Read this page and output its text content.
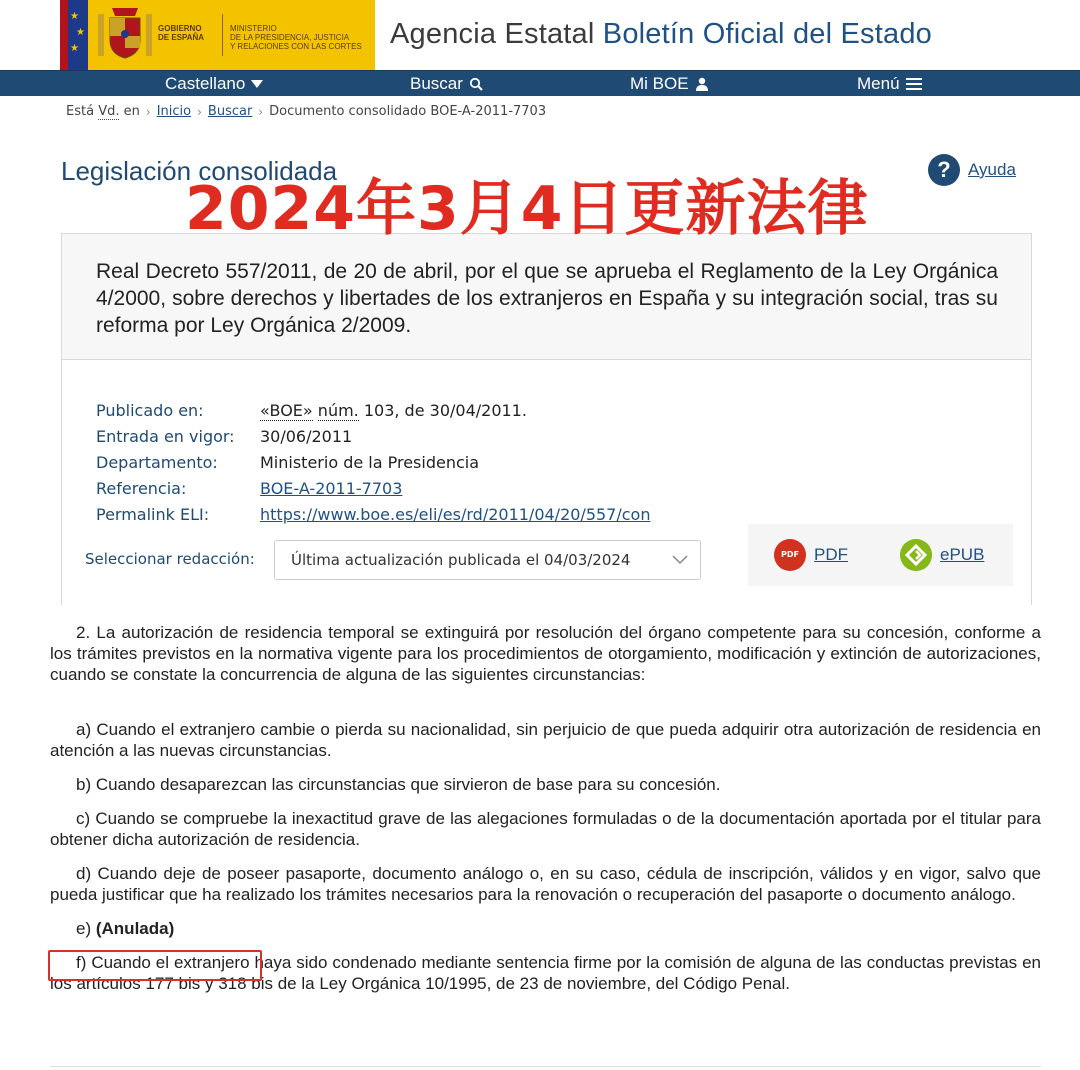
★
★
★
GOBIERNO
DE ESPAÑA
MINISTERIO
DE LA PRESIDENCIA, JUSTICIA
Y RELACIONES CON LAS CORTES Agencia Estatal Boletín Oficial del Estado
Castellano	Buscar	Mi BOE	Menú
Está Vd. en › Inicio › Buscar › Documento consolidado BOE-A-2011-7703
Legislación consolidada	?	Ayuda
2024年3月4日更新法律
Real Decreto 557/2011, de 20 de abril, por el que se aprueba el Reglamento de la Ley Orgánica 4/2000, sobre derechos y libertades de los extranjeros en España y su integración social, tras su reforma por Ley Orgánica 2/2009.
Publicado en:	«BOE» núm. 103, de 30/04/2011.
Entrada en vigor:	30/06/2011
Departamento:	Ministerio de la Presidencia
Referencia:	BOE-A-2011-7703
Permalink ELI:	https://www.boe.es/eli/es/rd/2011/04/20/557/con
Seleccionar redacción: Última actualización publicada el 04/03/2024	PDF PDF	ePUB

2. La autorización de residencia temporal se extinguirá por resolución del órgano competente para su concesión, conforme a los trámites previstos en la normativa vigente para los procedimientos de otorgamiento, modificación y extinción de autorizaciones, cuando se constate la concurrencia de alguna de las siguientes circunstancias:

a) Cuando el extranjero cambie o pierda su nacionalidad, sin perjuicio de que pueda adquirir otra autorización de residencia en atención a las nuevas circunstancias.

b) Cuando desaparezcan las circunstancias que sirvieron de base para su concesión.

c) Cuando se compruebe la inexactitud grave de las alegaciones formuladas o de la documentación aportada por el titular para obtener dicha autorización de residencia.

d) Cuando deje de poseer pasaporte, documento análogo o, en su caso, cédula de inscripción, válidos y en vigor, salvo que pueda justificar que ha realizado los trámites necesarios para la renovación o recuperación del pasaporte o documento análogo.

e) (Anulada)

f) Cuando el extranjero haya sido condenado mediante sentencia firme por la comisión de alguna de las conductas previstas en los artículos 177 bis y 318 bis de la Ley Orgánica 10/1995, de 23 de noviembre, del Código Penal.
